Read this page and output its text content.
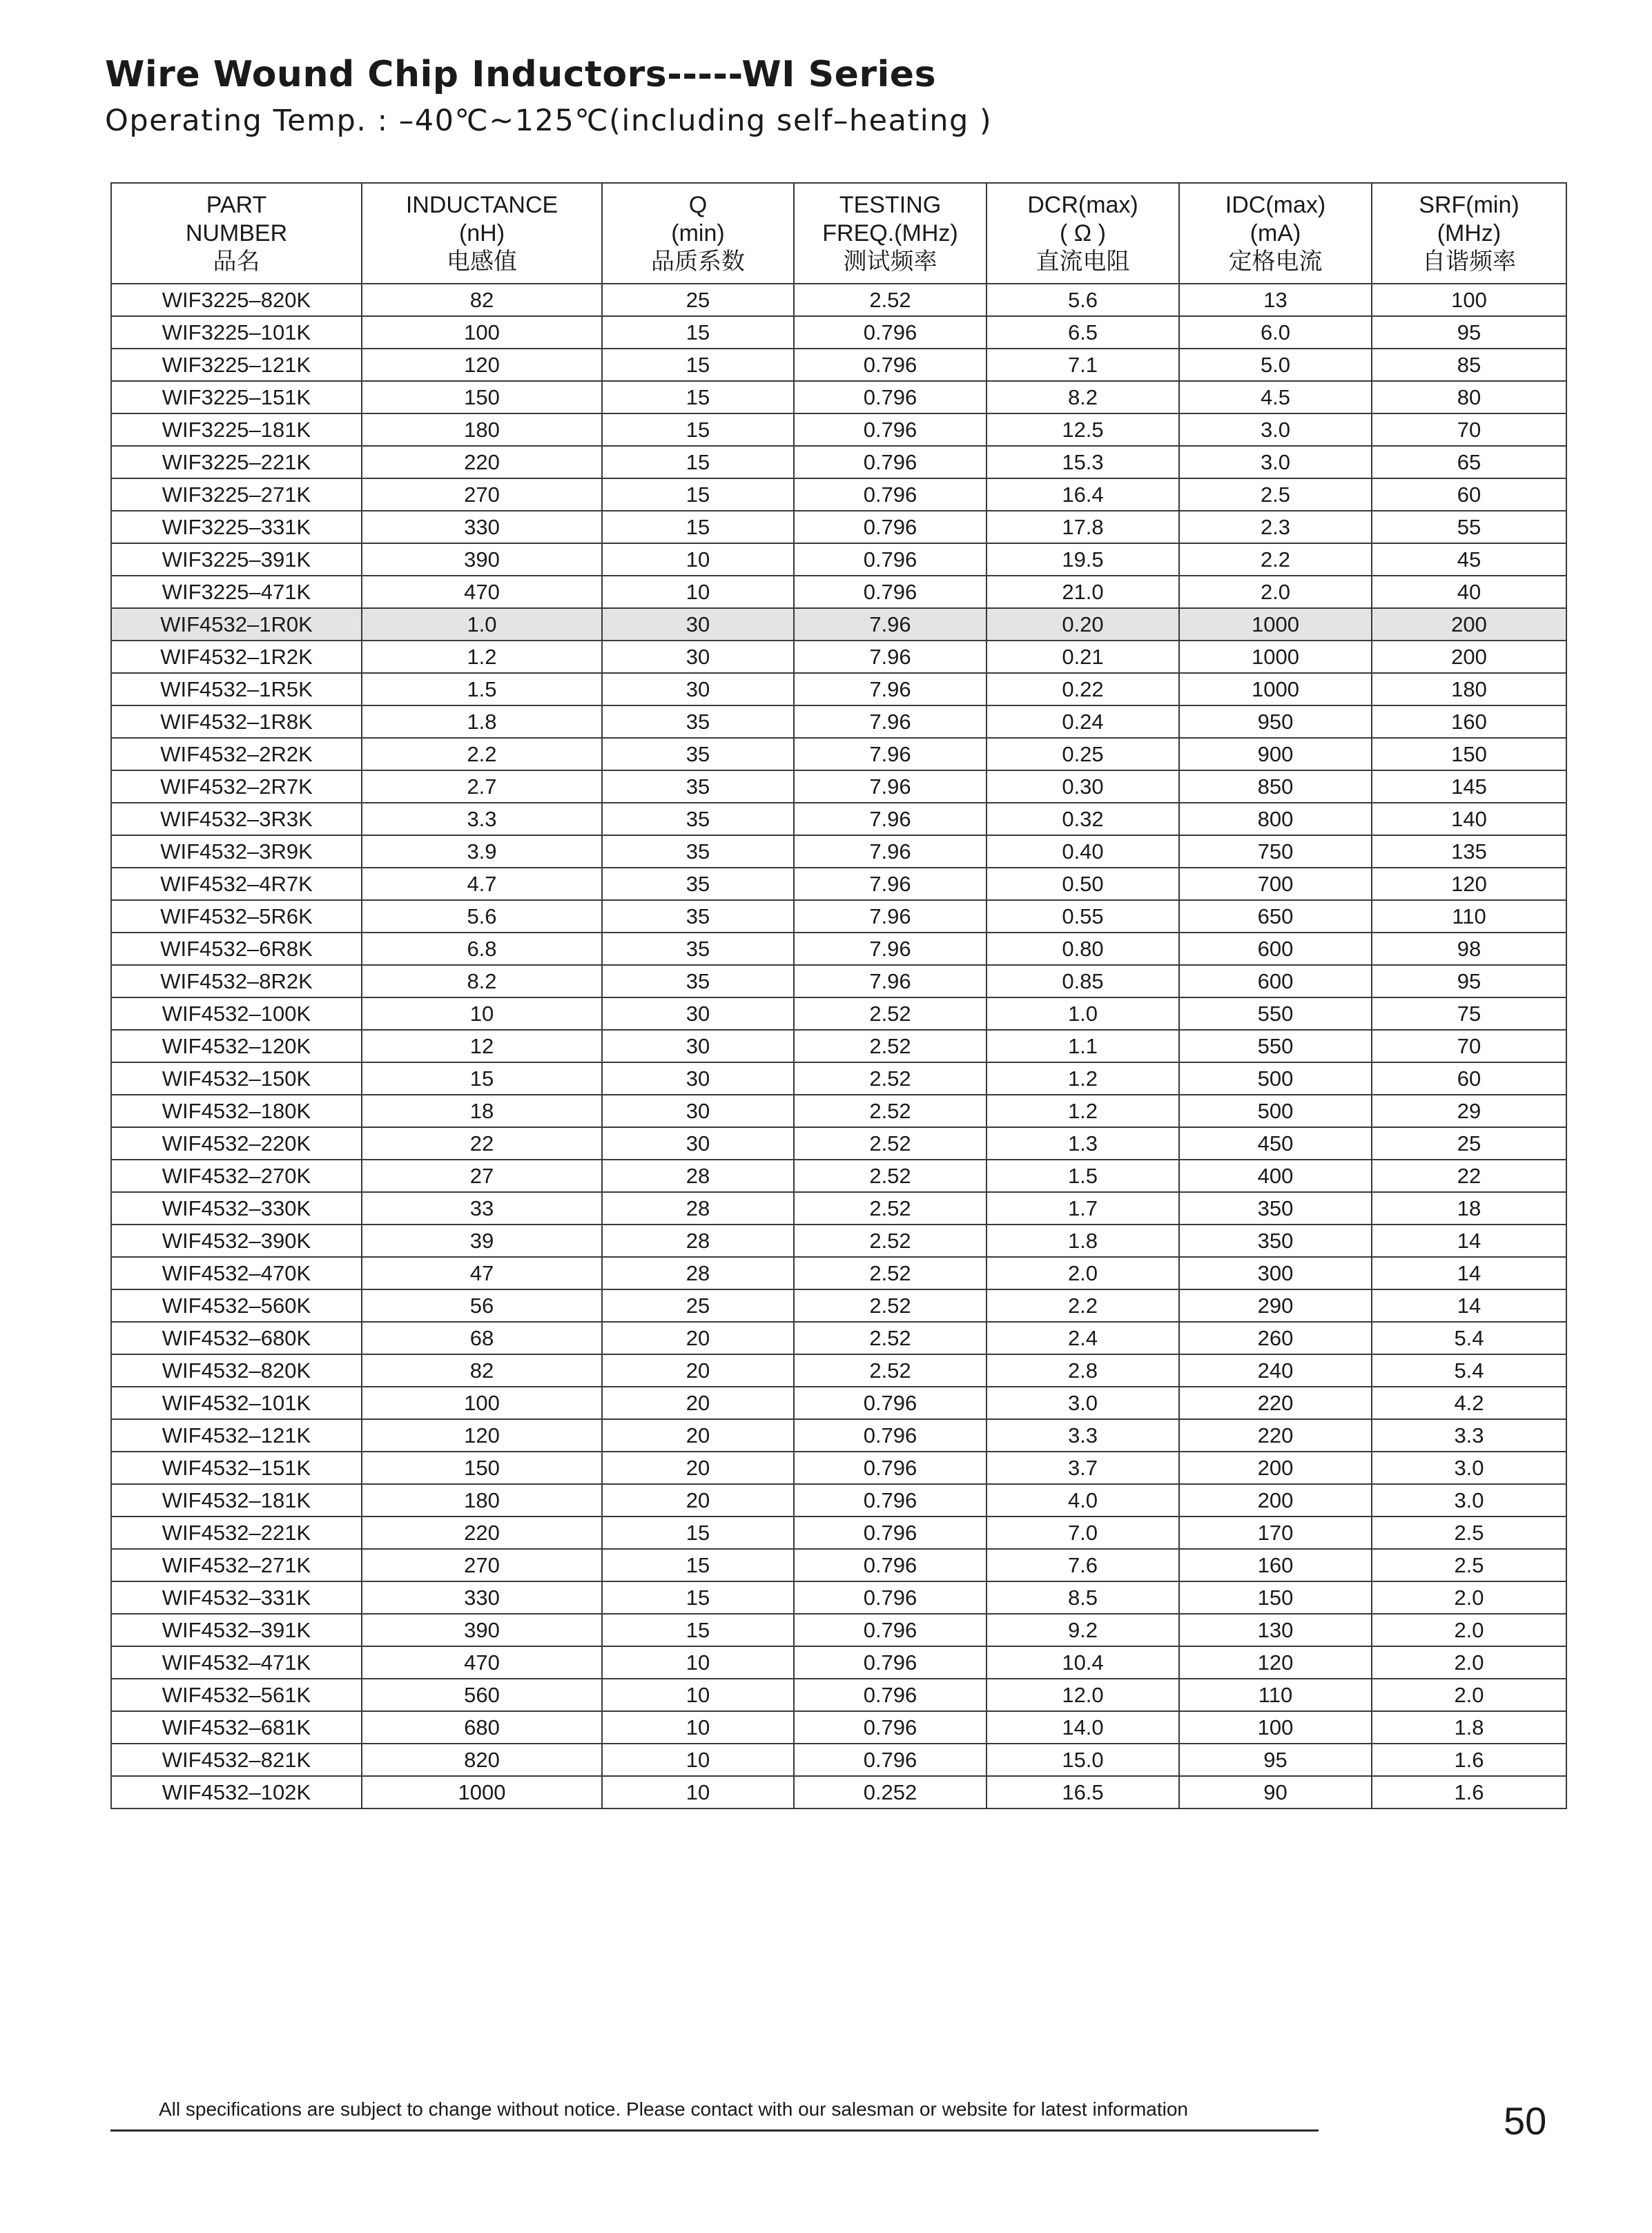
Wire Wound Chip Inductors-----WI Series
Operating Temp. : –40℃~125℃(including self–heating )
PART
NUMBER
品名	INDUCTANCE
(nH)
电感值	Q
(min)
品质系数	TESTING
FREQ.(MHz)
测试频率	DCR(max)
( Ω )
直流电阻	IDC(max)
(mA)
定格电流	SRF(min)
(MHz)
自谐频率

WIF3225–820K	82	25	2.52	5.6	13	100
WIF3225–101K	100	15	0.796	6.5	6.0	95
WIF3225–121K	120	15	0.796	7.1	5.0	85
WIF3225–151K	150	15	0.796	8.2	4.5	80
WIF3225–181K	180	15	0.796	12.5	3.0	70
WIF3225–221K	220	15	0.796	15.3	3.0	65
WIF3225–271K	270	15	0.796	16.4	2.5	60
WIF3225–331K	330	15	0.796	17.8	2.3	55
WIF3225–391K	390	10	0.796	19.5	2.2	45
WIF3225–471K	470	10	0.796	21.0	2.0	40
WIF4532–1R0K	1.0	30	7.96	0.20	1000	200
WIF4532–1R2K	1.2	30	7.96	0.21	1000	200
WIF4532–1R5K	1.5	30	7.96	0.22	1000	180
WIF4532–1R8K	1.8	35	7.96	0.24	950	160
WIF4532–2R2K	2.2	35	7.96	0.25	900	150
WIF4532–2R7K	2.7	35	7.96	0.30	850	145
WIF4532–3R3K	3.3	35	7.96	0.32	800	140
WIF4532–3R9K	3.9	35	7.96	0.40	750	135
WIF4532–4R7K	4.7	35	7.96	0.50	700	120
WIF4532–5R6K	5.6	35	7.96	0.55	650	110
WIF4532–6R8K	6.8	35	7.96	0.80	600	98
WIF4532–8R2K	8.2	35	7.96	0.85	600	95
WIF4532–100K	10	30	2.52	1.0	550	75
WIF4532–120K	12	30	2.52	1.1	550	70
WIF4532–150K	15	30	2.52	1.2	500	60
WIF4532–180K	18	30	2.52	1.2	500	29
WIF4532–220K	22	30	2.52	1.3	450	25
WIF4532–270K	27	28	2.52	1.5	400	22
WIF4532–330K	33	28	2.52	1.7	350	18
WIF4532–390K	39	28	2.52	1.8	350	14
WIF4532–470K	47	28	2.52	2.0	300	14
WIF4532–560K	56	25	2.52	2.2	290	14
WIF4532–680K	68	20	2.52	2.4	260	5.4
WIF4532–820K	82	20	2.52	2.8	240	5.4
WIF4532–101K	100	20	0.796	3.0	220	4.2
WIF4532–121K	120	20	0.796	3.3	220	3.3
WIF4532–151K	150	20	0.796	3.7	200	3.0
WIF4532–181K	180	20	0.796	4.0	200	3.0
WIF4532–221K	220	15	0.796	7.0	170	2.5
WIF4532–271K	270	15	0.796	7.6	160	2.5
WIF4532–331K	330	15	0.796	8.5	150	2.0
WIF4532–391K	390	15	0.796	9.2	130	2.0
WIF4532–471K	470	10	0.796	10.4	120	2.0
WIF4532–561K	560	10	0.796	12.0	110	2.0
WIF4532–681K	680	10	0.796	14.0	100	1.8
WIF4532–821K	820	10	0.796	15.0	95	1.6
WIF4532–102K	1000	10	0.252	16.5	90	1.6
All specifications are subject to change without notice. Please contact with our salesman or website for latest information	50
